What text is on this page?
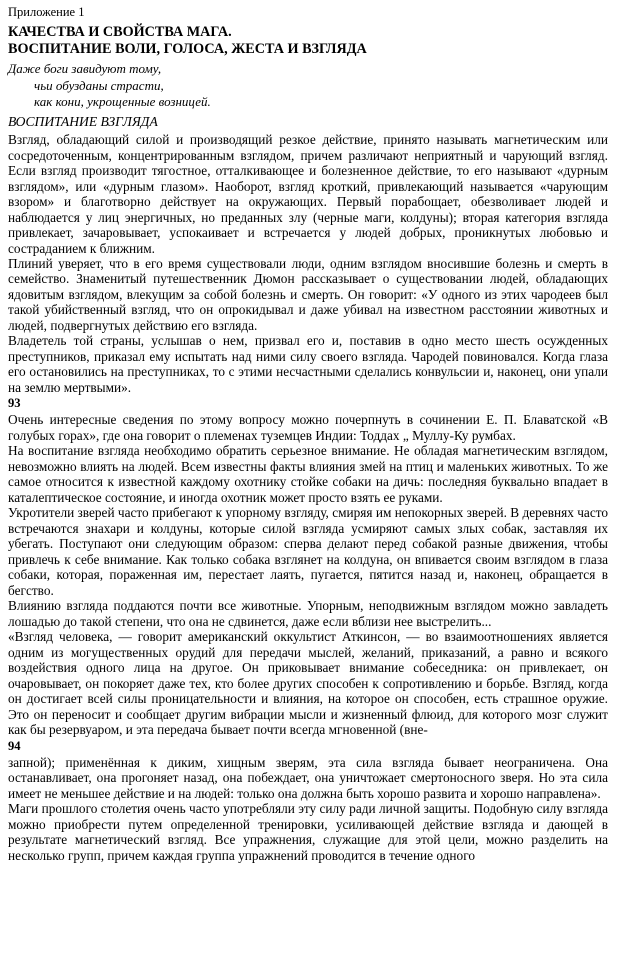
Приложение 1
КАЧЕСТВА И СВОЙСТВА МАГА.
ВОСПИТАНИЕ ВОЛИ, ГОЛОСА, ЖЕСТА И ВЗГЛЯДА
Даже боги завидуют тому,
чьи обузданы страсти,
как кони, укрощенные возницей.
ВОСПИТАНИЕ ВЗГЛЯДА

Взгляд, обладающий силой и производящий резкое действие, принято называть магнетическим или сосредоточенным, концентрированным взглядом, причем различают неприятный и чарующий взгляд. Если взгляд производит тягостное, отталкивающее и болезненное действие, то его называют «дурным взглядом», или «дурным глазом». Наоборот, взгляд кроткий, привлекающий называется «чарующим взором» и благотворно действует на окружающих. Первый порабощает, обезволивает людей и наблюдается у лиц энергичных, но преданных злу (черные маги, колдуны); вторая категория взгляда привлекает, зачаровывает, успокаивает и встречается у людей добрых, проникнутых любовью и состраданием к ближним.

Плиний уверяет, что в его время существовали люди, одним взглядом вносившие болезнь и смерть в семейство. Знаменитый путешественник Дюмон рассказывает о существовании людей, обладающих ядовитым взглядом, влекущим за собой болезнь и смерть. Он говорит: «У одного из этих чародеев был такой убийственный взгляд, что он опрокидывал и даже убивал на известном расстоянии животных и людей, подвергнутых действию его взгляда.

Владетель той страны, услышав о нем, призвал его и, поставив в одно место шесть осужденных преступников, приказал ему испытать над ними силу своего взгляда. Чародей повиновался. Когда глаза его остановились на преступниках, то с этими несчастными сделались конвульсии и, наконец, они упали на землю мертвыми».

93

Очень интересные сведения по этому вопросу можно почерпнуть в сочинении Е. П. Блаватской «В голубых горах», где она говорит о племенах туземцев Индии: Тоддах „ Муллу-Ку румбах.

На воспитание взгляда необходимо обратить серьезное внимание. Не обладая магнетическим взглядом, невозможно влиять на людей. Всем известны факты влияния змей на птиц и маленьких животных. То же самое относится к известной каждому охотнику стойке собаки на дичь: последняя буквально впадает в каталептическое состояние, и иногда охотник может просто взять ее руками.

Укротители зверей часто прибегают к упорному взгляду, смиряя им непокорных зверей. В деревнях часто встречаются знахари и колдуны, которые силой взгляда усмиряют самых злых собак, заставляя их убегать. Поступают они следующим образом: сперва делают перед собакой разные движения, чтобы привлечь к себе внимание. Как только собака взглянет на колдуна, он впивается своим взглядом в глаза собаки, которая, пораженная им, перестает лаять, пугается, пятится назад и, наконец, обращается в бегство.

Влиянию взгляда поддаются почти все животные. Упорным, неподвижным взглядом можно завладеть лошадью до такой степени, что она не сдвинется, даже если вблизи нее выстрелить...

«Взгляд человека, — говорит американский оккультист Аткинсон, — во взаимоотношениях является одним из могущественных орудий для передачи мыслей, желаний, приказаний, а равно и всякого воздействия одного лица на другое. Он приковывает внимание собеседника: он привлекает, он очаровывает, он покоряет даже тех, кто более других способен к сопротивлению и борьбе. Взгляд, когда он достигает всей силы проницательности и влияния, на которое он способен, есть страшное оружие. Это он переносит и сообщает другим вибрации мысли и жизненный флюид, для которого мозг служит как бы резервуаром, и эта передача бывает почти всегда мгновенной (вне-

94

запной); применённая к диким, хищным зверям, эта сила взгляда бывает неограничена. Она останавливает, она прогоняет назад, она побеждает, она уничтожает смертоносного зверя. Но эта сила имеет не меньшее действие и на людей: только она должна быть хорошо развита и хорошо направлена».

Маги прошлого столетия очень часто употребляли эту силу ради личной защиты. Подобную силу взгляда можно приобрести путем определенной тренировки, усиливающей действие взгляда и дающей в результате магнетический взгляд. Все упражнения, служащие для этой цели, можно разделить на несколько групп, причем каждая группа упражнений проводится в течение одного
